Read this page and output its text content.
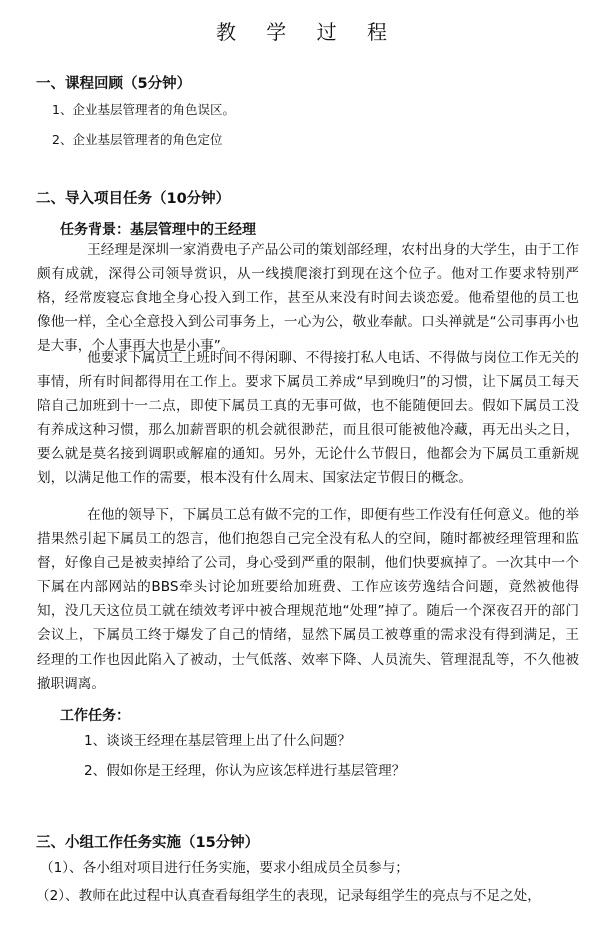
教 学 过 程
一、课程回顾（5分钟）
1、企业基层管理者的角色误区。
2、企业基层管理者的角色定位
二、导入项目任务（10分钟）
任务背景：基层管理中的王经理

王经理是深圳一家消费电子产品公司的策划部经理，农村出身的大学生，由于工作颇有成就，深得公司领导赏识，从一线摸爬滚打到现在这个位子。他对工作要求特别严格，经常废寝忘食地全身心投入到工作，甚至从来没有时间去谈恋爱。他希望他的员工也像他一样，全心全意投入到公司事务上，一心为公，敬业奉献。口头禅就是“公司事再小也是大事，个人事再大也是小事”。

他要求下属员工上班时间不得闲聊、不得接打私人电话、不得做与岗位工作无关的事情，所有时间都得用在工作上。要求下属员工养成“早到晚归”的习惯，让下属员工每天陪自己加班到十一二点，即使下属员工真的无事可做，也不能随便回去。假如下属员工没有养成这种习惯，那么加薪晋职的机会就很渺茫，而且很可能被他冷藏，再无出头之日，要么就是莫名接到调职或解雇的通知。另外，无论什么节假日，他都会为下属员工重新规划，以满足他工作的需要，根本没有什么周末、国家法定节假日的概念。

在他的领导下，下属员工总有做不完的工作，即便有些工作没有任何意义。他的举措果然引起下属员工的怨言，他们抱怨自己完全没有私人的空间，随时都被经理管理和监督，好像自己是被卖掉给了公司，身心受到严重的限制，他们快要疯掉了。一次其中一个下属在内部网站的BBS牵头讨论加班要给加班费、工作应该劳逸结合问题，竟然被他得知，没几天这位员工就在绩效考评中被合理规范地“处理”掉了。随后一个深夜召开的部门会议上，下属员工终于爆发了自己的情绪，显然下属员工被尊重的需求没有得到满足，王经理的工作也因此陷入了被动，士气低落、效率下降、人员流失、管理混乱等，不久他被撤职调离。

工作任务：
1、谈谈王经理在基层管理上出了什么问题？
2、假如你是王经理，你认为应该怎样进行基层管理？
三、小组工作任务实施（15分钟）
（1）、各小组对项目进行任务实施，要求小组成员全员参与；
（2）、教师在此过程中认真查看每组学生的表现，记录每组学生的亮点与不足之处，
